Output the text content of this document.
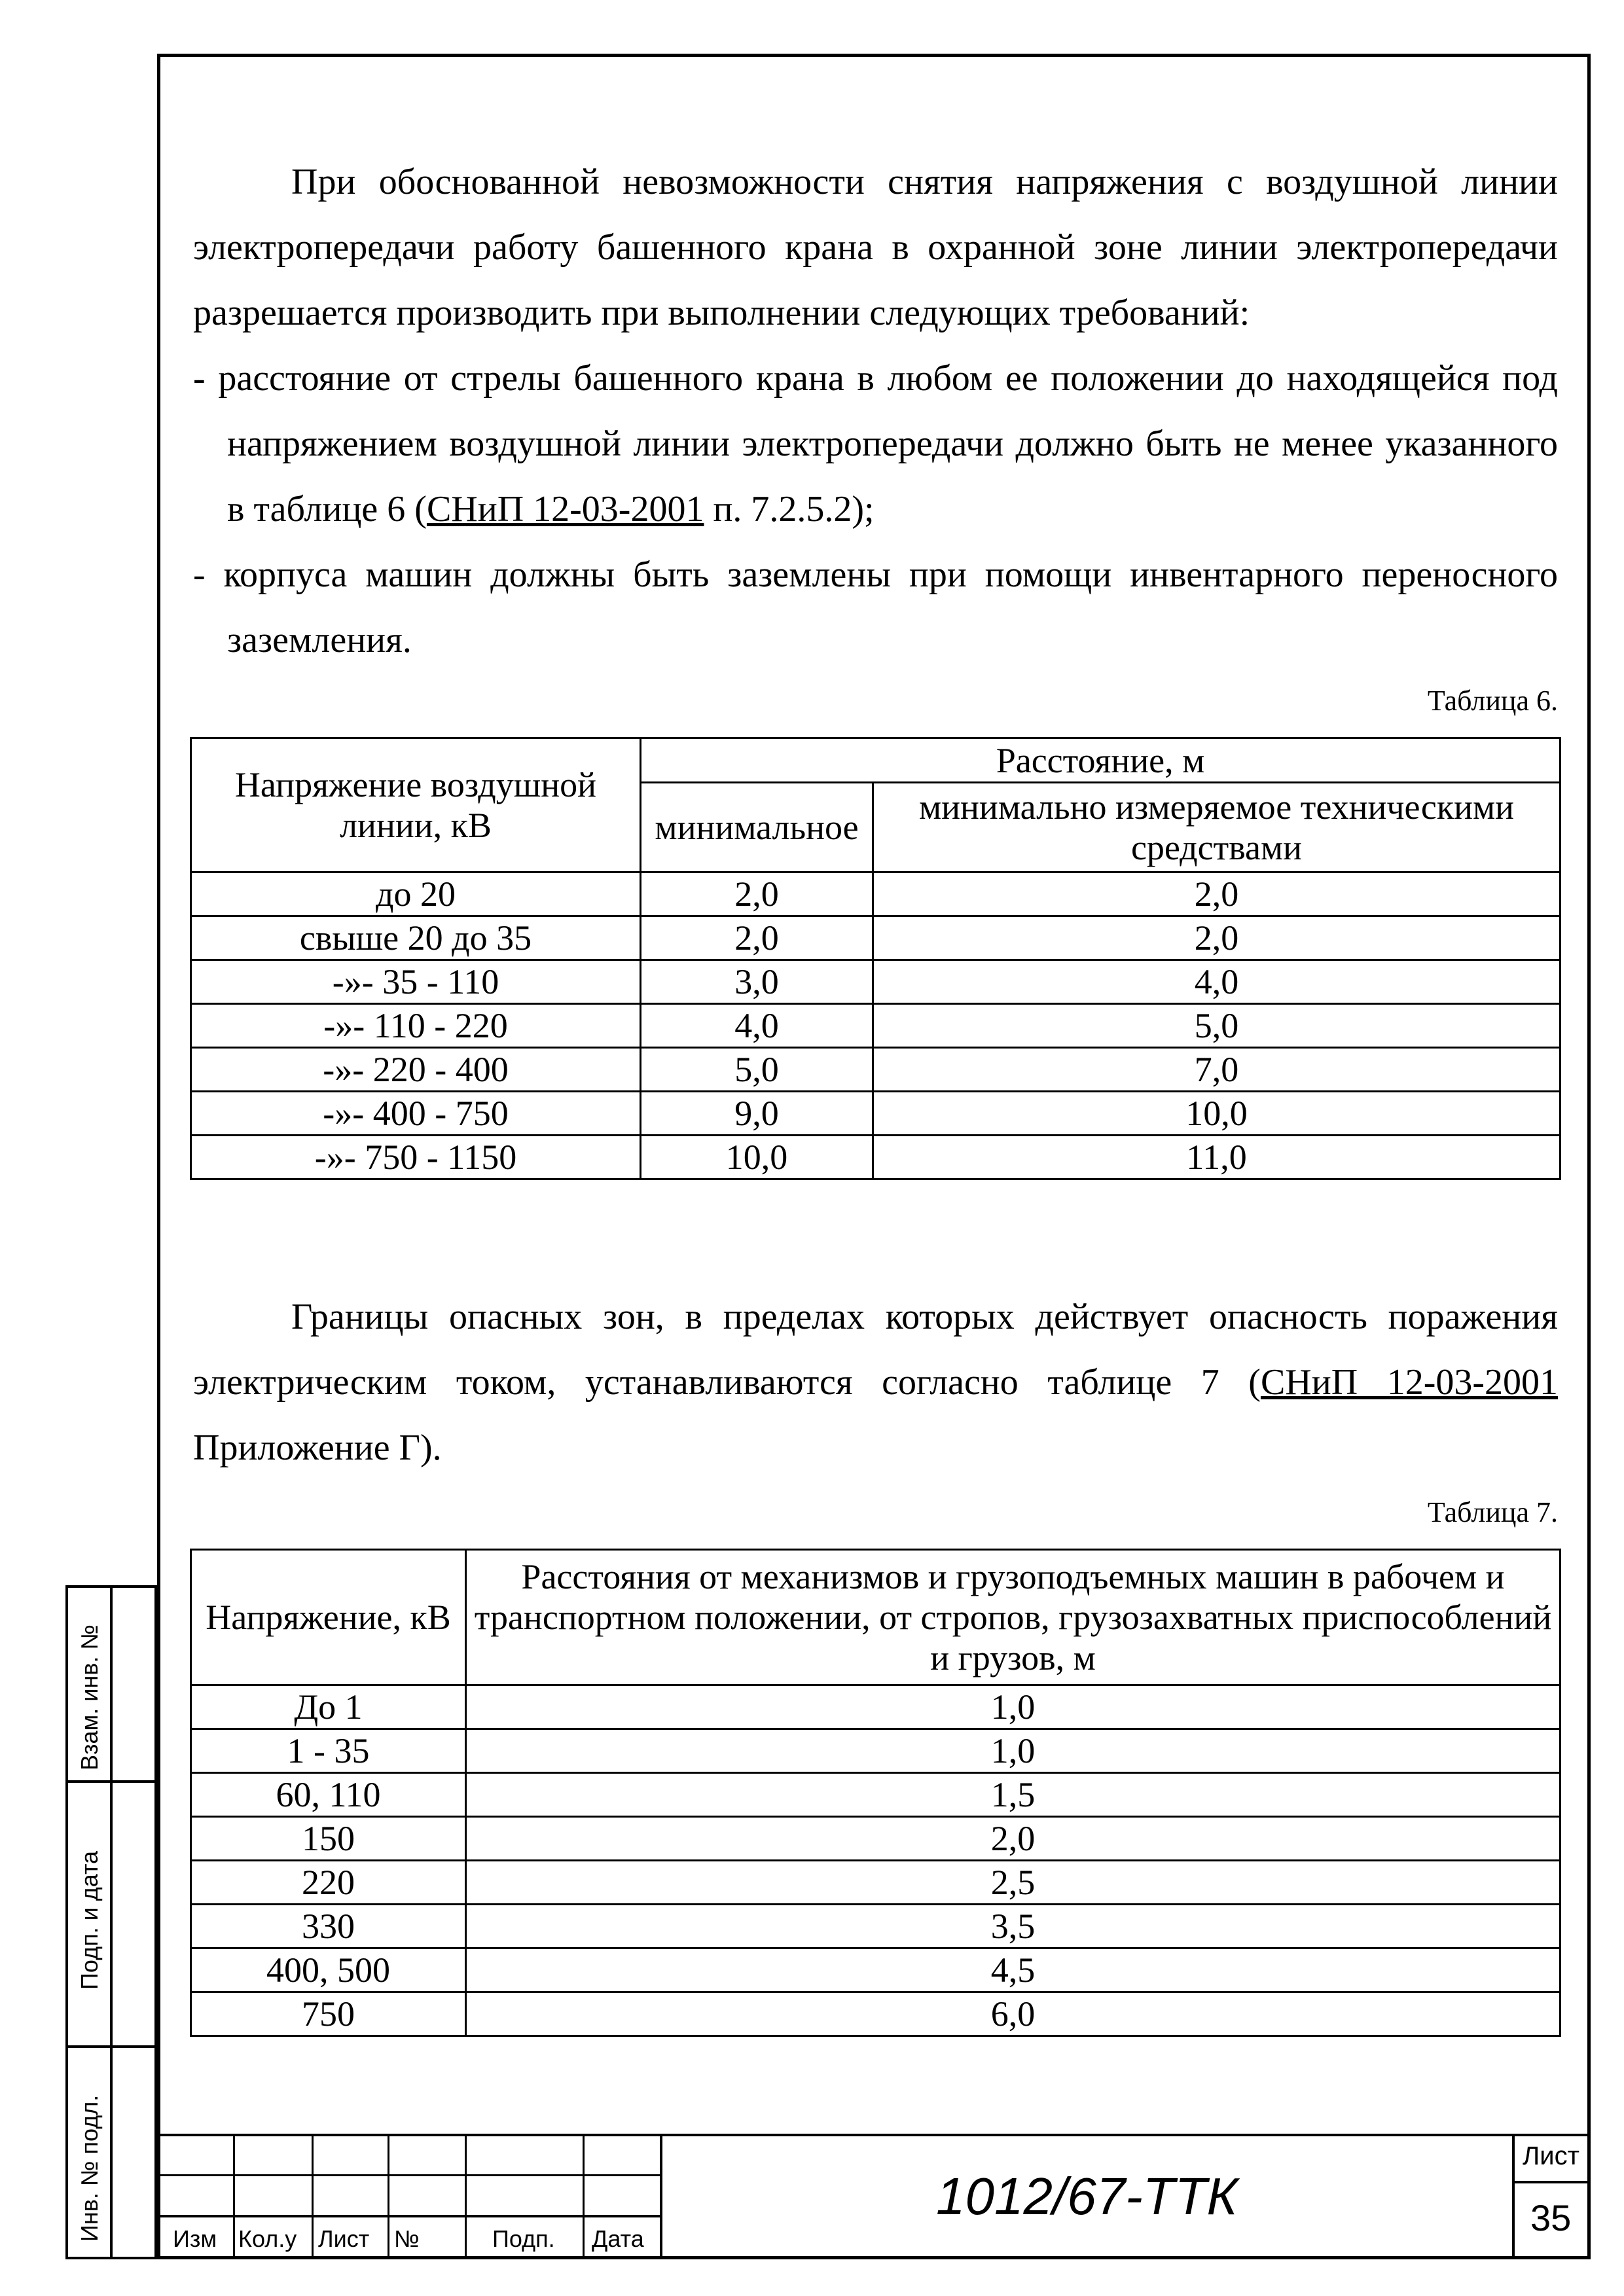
При обоснованной невозможности снятия напряжения с воздушной линии электропередачи работу башенного крана в охранной зоне линии электропередачи разрешается производить при выполнении следующих требований:

- расстояние от стрелы башенного крана в любом ее положении до находящейся под напряжением воздушной линии электропередачи должно быть не менее указанного в таблице 6 (СНиП 12-03-2001 п. 7.2.5.2);

- корпуса машин должны быть заземлены при помощи инвентарного переносного заземления.

Таблица 6.
Напряжение воздушной линии, кВ	Расстояние, м	
	минимальное	минимально измеряемое техническими средствами
до 20	2,0	2,0
свыше 20 до 35	2,0	2,0
-»- 35 - 110	3,0	4,0
-»- 110 - 220	4,0	5,0
-»- 220 - 400	5,0	7,0
-»- 400 - 750	9,0	10,0
-»- 750 - 1150	10,0	11,0

Границы опасных зон, в пределах которых действует опасность поражения электрическим током, устанавливаются согласно таблице 7 (СНиП 12-03-2001 Приложение Г).

Таблица 7.
Напряжение, кВ	Расстояния от механизмов и грузоподъемных машин в рабочем и транспортном положении, от стропов, грузозахватных приспособлений и грузов, м
До 1	1,0
1 - 35	1,0
60, 110	1,5
150	2,0
220	2,5
330	3,5
400, 500	4,5
750	6,0
Взам. инв. №
Подп. и дата
Инв. № подл.	Изм Кол.у Лист №	Подп. Дата
1012/67-ТТК
Лист
35
